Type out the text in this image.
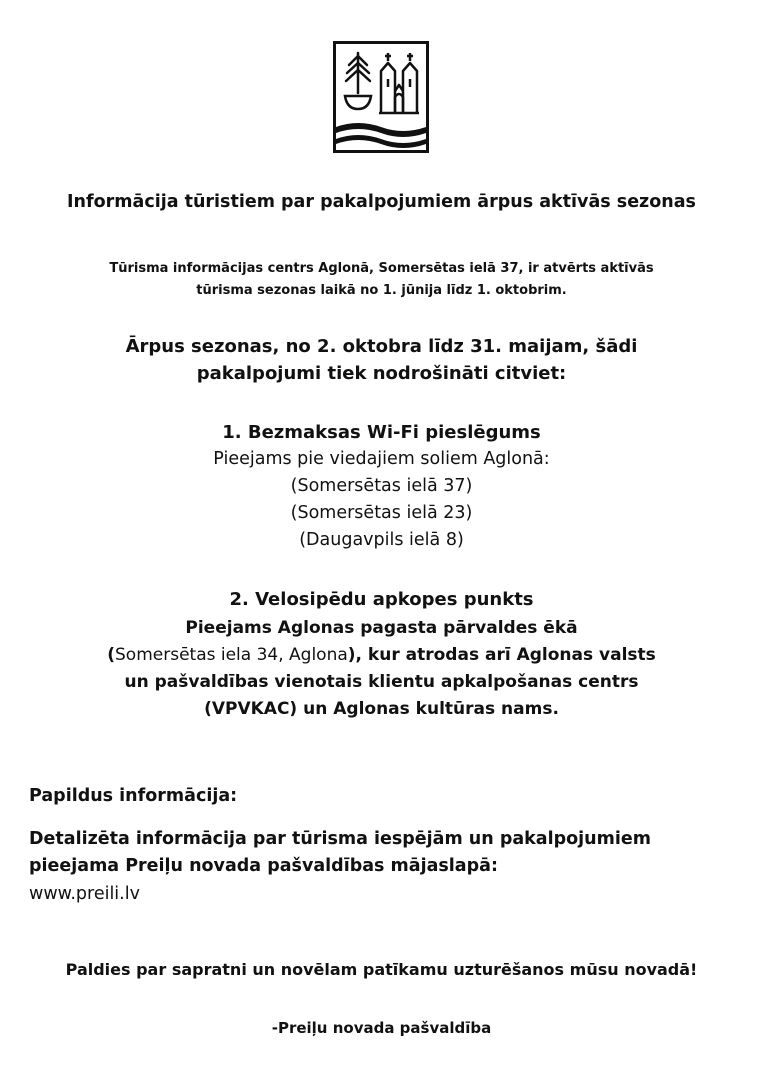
Informācija tūristiem par pakalpojumiem ārpus aktīvās sezonas
Tūrisma informācijas centrs Aglonā, Somersētas ielā 37, ir atvērts aktīvās
tūrisma sezonas laikā no 1. jūnija līdz 1. oktobrim.
Ārpus sezonas, no 2. oktobra līdz 31. maijam, šādi
pakalpojumi tiek nodrošināti citviet:
1. Bezmaksas Wi-Fi pieslēgums
Pieejams pie viedajiem soliem Aglonā:
(Somersētas ielā 37)
(Somersētas ielā 23)
(Daugavpils ielā 8)
2. Velosipēdu apkopes punkts
Pieejams Aglonas pagasta pārvaldes ēkā
(Somersētas iela 34, Aglona), kur atrodas arī Aglonas valsts
un pašvaldības vienotais klientu apkalpošanas centrs
(VPVKAC) un Aglonas kultūras nams.
Papildus informācija:
Detalizēta informācija par tūrisma iespējām un pakalpojumiem
pieejama Preiļu novada pašvaldības mājaslapā:
www.preili.lv
Paldies par sapratni un novēlam patīkamu uzturēšanos mūsu novadā!
-Preiļu novada pašvaldība
